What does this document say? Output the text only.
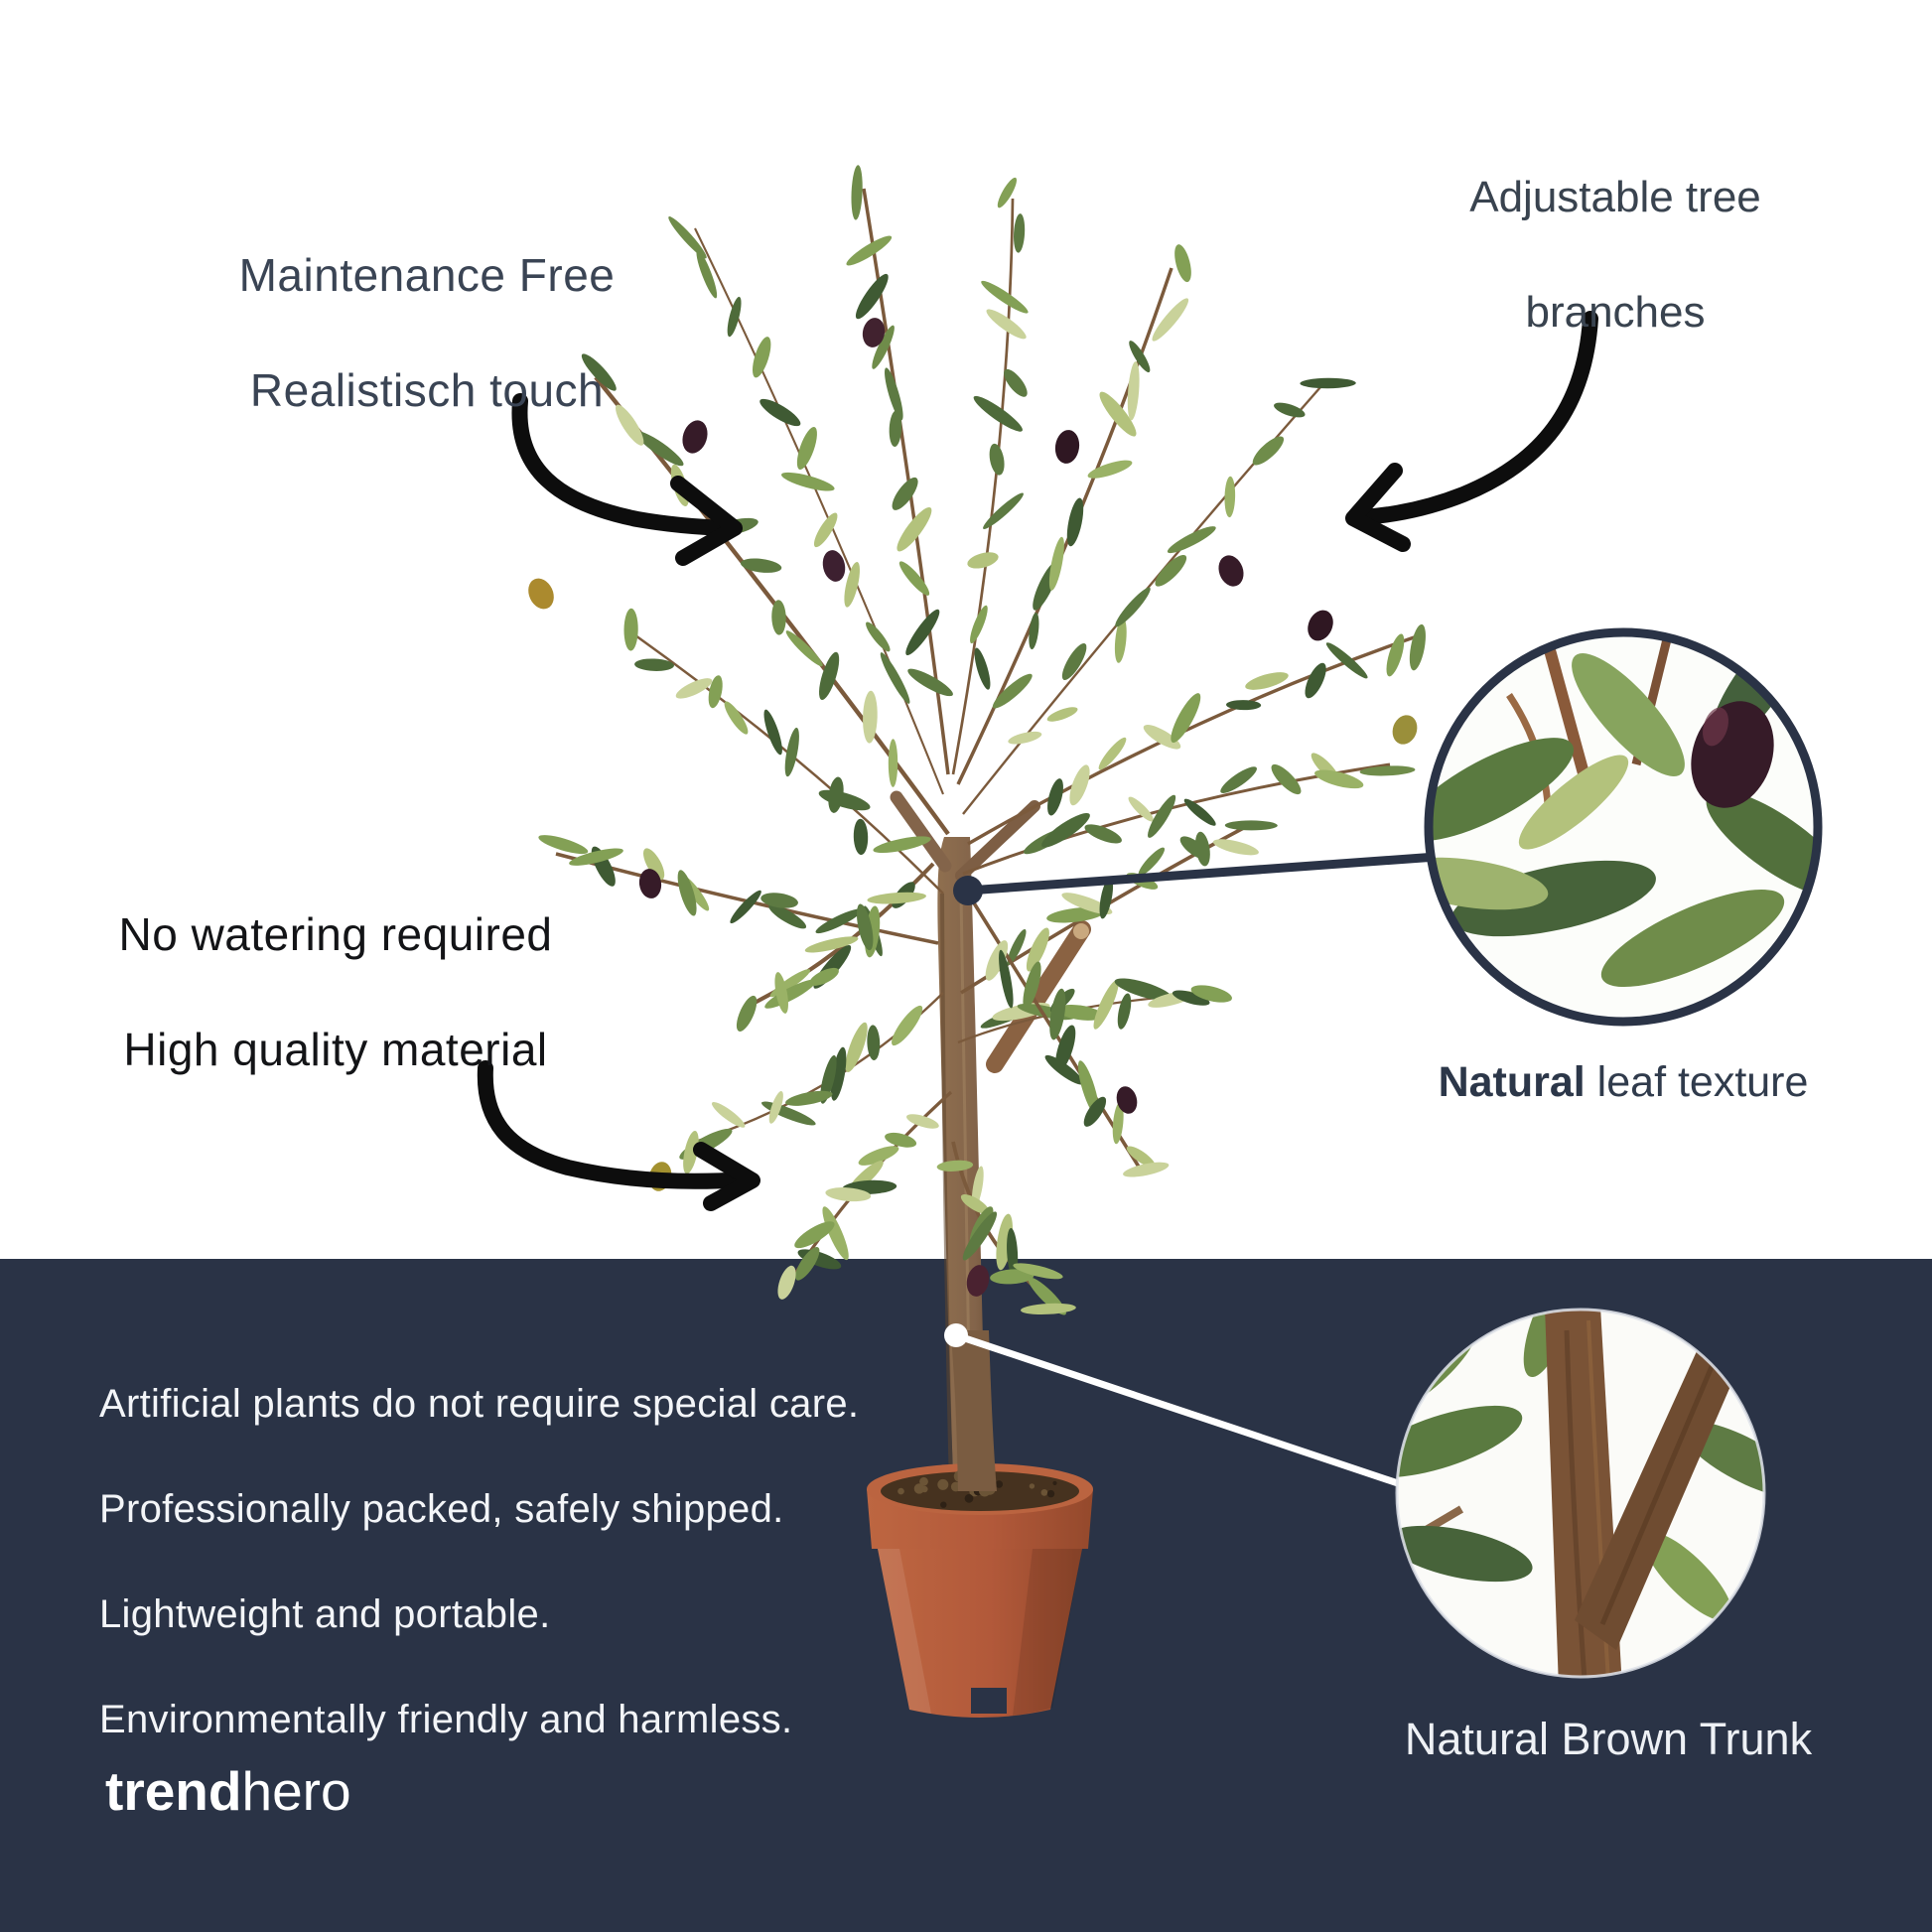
Maintenance Free

Realistisch touch
Adjustable tree

branches
No watering required

High quality material
Natural leaf texture
Artificial plants do not require special care.

Professionally packed, safely shipped.

Lightweight and portable.

Environmentally friendly and harmless.	Natural Brown Trunk
trendhero
